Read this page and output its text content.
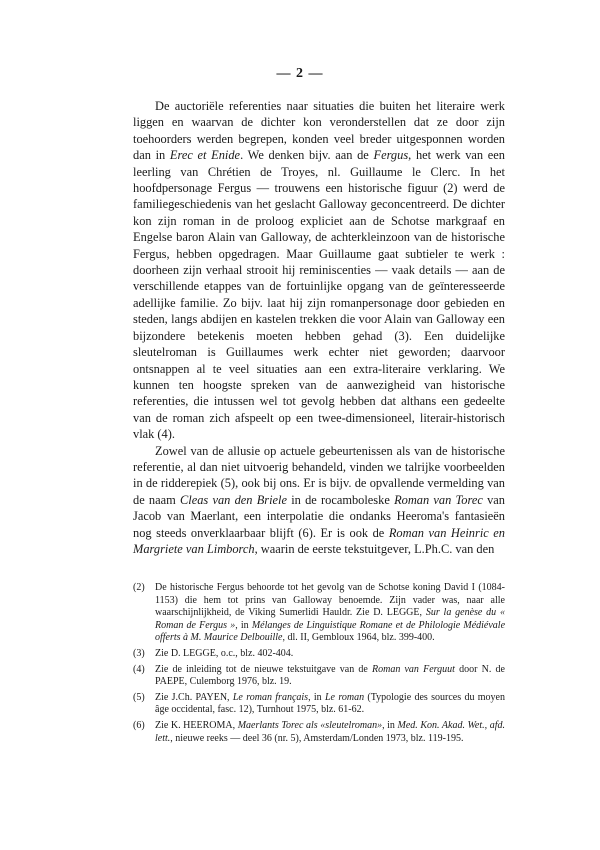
— 2 —

De auctoriële referenties naar situaties die buiten het literaire werk liggen en waarvan de dichter kon veronderstellen dat ze door zijn toehoorders werden begrepen, konden veel breder uitgesponnen worden dan in Erec et Enide. We denken bijv. aan de Fergus, het werk van een leerling van Chrétien de Troyes, nl. Guillaume le Clerc. In het hoofdpersonage Fergus — trouwens een historische figuur (2) werd de familiegeschiedenis van het geslacht Galloway geconcentreerd. De dichter kon zijn roman in de proloog expliciet aan de Schotse markgraaf en Engelse baron Alain van Galloway, de achterkleinzoon van de historische Fergus, hebben opgedragen. Maar Guillaume gaat subtieler te werk : doorheen zijn verhaal strooit hij reminiscenties — vaak details — aan de verschillende etappes van de fortuinlijke opgang van de geïnteresseerde adellijke familie. Zo bijv. laat hij zijn romanpersonage door gebieden en steden, langs abdijen en kastelen trekken die voor Alain van Galloway een bijzondere betekenis moeten hebben gehad (3). Een duidelijke sleutelroman is Guillaumes werk echter niet geworden; daarvoor ontsnappen al te veel situaties aan een extra-literaire verklaring. We kunnen ten hoogste spreken van de aanwezigheid van historische referenties, die intussen wel tot gevolg hebben dat althans een gedeelte van de roman zich afspeelt op een twee-dimensioneel, literair-historisch vlak (4).

Zowel van de allusie op actuele gebeurtenissen als van de historische referentie, al dan niet uitvoerig behandeld, vinden we talrijke voorbeelden in de ridderepiek (5), ook bij ons. Er is bijv. de opvallende vermelding van de naam Cleas van den Briele in de rocamboleske Roman van Torec van Jacob van Maerlant, een interpolatie die ondanks Heeroma's fantasieën nog steeds onverklaarbaar blijft (6). Er is ook de Roman van Heinric en Margriete van Limborch, waarin de eerste tekstuitgever, L.Ph.C. van den

(2)	De historische Fergus behoorde tot het gevolg van de Schotse koning David I (1084-1153) die hem tot prins van Galloway benoemde. Zijn vader was, naar alle waarschijnlijkheid, de Viking Sumerlidi Hauldr. Zie D. LEGGE, Sur la genèse du « Roman de Fergus », in Mélanges de Linguistique Romane et de Philologie Médiévale offerts à M. Maurice Delbouille, dl. II, Gembloux 1964, blz. 399-400.
(3)	Zie D. LEGGE, o.c., blz. 402-404.
(4)	Zie de inleiding tot de nieuwe tekstuitgave van de Roman van Ferguut door N. de PAEPE, Culemborg 1976, blz. 19.
(5)	Zie J.Ch. PAYEN, Le roman français, in Le roman (Typologie des sources du moyen âge occidental, fasc. 12), Turnhout 1975, blz. 61-62.
(6)	Zie K. HEEROMA, Maerlants Torec als «sleutelroman», in Med. Kon. Akad. Wet., afd. lett., nieuwe reeks — deel 36 (nr. 5), Amsterdam/Londen 1973, blz. 119-195.
